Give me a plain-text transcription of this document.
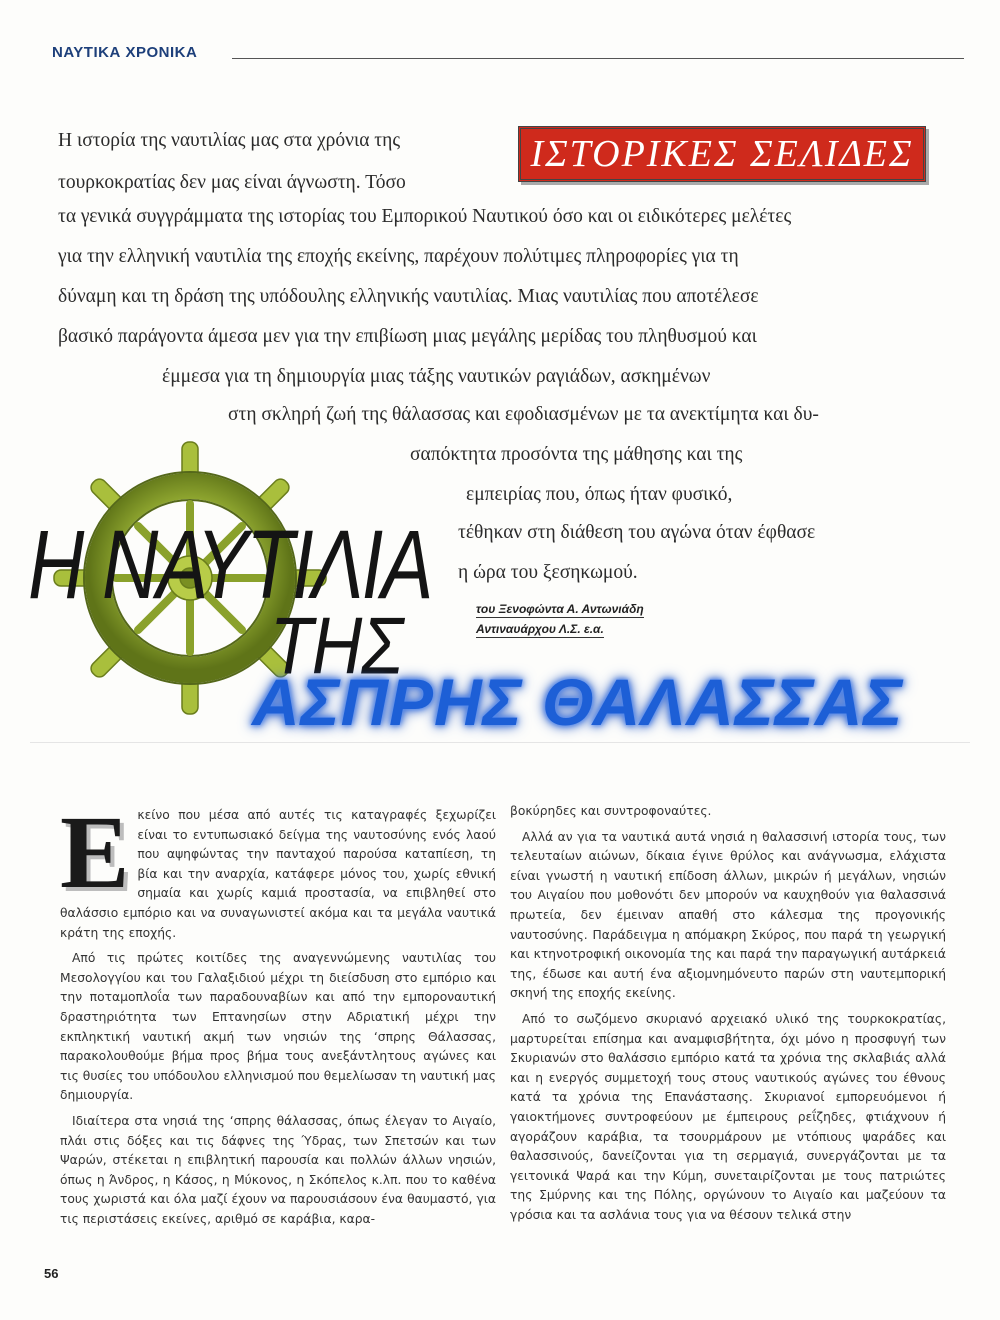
ΝΑΥΤΙΚΑ ΧΡΟΝΙΚΑ
ΙΣΤΟΡΙΚΕΣ ΣΕΛΙΔΕΣ
Η ιστορία της ναυτιλίας μας στα χρόνια της
τουρκοκρατίας δεν μας είναι άγνωστη. Τόσο
τα γενικά συγγράμματα της ιστορίας του Εμπορικού Ναυτικού όσο και οι ειδικότερες μελέτες
για την ελληνική ναυτιλία της εποχής εκείνης, παρέχουν πολύτιμες πληροφορίες για τη
δύναμη και τη δράση της υπόδουλης ελληνικής ναυτιλίας. Μιας ναυτιλίας που αποτέλεσε
βασικό παράγοντα άμεσα μεν για την επιβίωση μιας μεγάλης μερίδας του πληθυσμού και
έμμεσα για τη δημιουργία μιας τάξης ναυτικών ραγιάδων, ασκημένων
στη σκληρή ζωή της θάλασσας και εφοδιασμένων με τα ανεκτίμητα και δυ-
σαπόκτητα προσόντα της μάθησης και της
εμπειρίας που, όπως ήταν φυσικό,
τέθηκαν στη διάθεση του αγώνα όταν έφθασε
η ώρα του ξεσηκωμού.
του Ξενοφώντα Α. Αντωνιάδη
Αντιναυάρχου Λ.Σ. ε.α.
Η ΝΑΥΤΙΛΙΑ
ΤΗΣ
ΑΣΠΡΗΣ ΘΑΛΑΣΣΑΣ

Εκείνο που μέσα από αυτές τις καταγραφές ξεχωρίζει είναι το εντυπωσιακό δείγμα της ναυτοσύνης ενός λαού που αψηφώντας την πανταχού παρούσα καταπίεση, τη βία και την αναρχία, κατάφερε μόνος του, χωρίς εθνική σημαία και χωρίς καμιά προστασία, να επιβληθεί στο θαλάσσιο εμπόριο και να συναγωνιστεί ακόμα και τα μεγάλα ναυτικά κράτη της εποχής.

Από τις πρώτες κοιτίδες της αναγεννώμενης ναυτιλίας του Μεσολογγίου και του Γαλαξιδιού μέχρι τη διείσδυση στο εμπόριο και την ποταμοπλοΐα των παραδουναβίων και από την εμποροναυτική δραστηριότητα των Επτανησίων στην Αδριατική μέχρι την εκπληκτική ναυτική ακμή των νησιών της ‘σπρης Θάλασσας, παρακολουθούμε βήμα προς βήμα τους ανεξάντλητους αγώνες και τις θυσίες του υπόδουλου ελληνισμού που θεμελίωσαν τη ναυτική μας δημιουργία.

Ιδιαίτερα στα νησιά της ‘σπρης θάλασσας, όπως έλεγαν το Αιγαίο, πλάι στις δόξες και τις δάφνες της Ύδρας, των Σπετσών και των Ψαρών, στέκεται η επιβλητική παρουσία και πολλών άλλων νησιών, όπως η Άνδρος, η Κάσος, η Μύκονος, η Σκόπελος κ.λπ. που το καθένα τους χωριστά και όλα μαζί έχουν να παρουσιάσουν ένα θαυμαστό, για τις περιστάσεις εκείνες, αριθμό σε καράβια, καρα-

βοκύρηδες και συντροφοναύτες.

Αλλά αν για τα ναυτικά αυτά νησιά η θαλασσινή ιστορία τους, των τελευταίων αιώνων, δίκαια έγινε θρύλος και ανάγνωσμα, ελάχιστα είναι γνωστή η ναυτική επίδοση άλλων, μικρών ή μεγάλων, νησιών του Αιγαίου που μοθονότι δεν μπορούν να καυχηθούν για θαλασσινά πρωτεία, δεν έμειναν απαθή στο κάλεσμα της προγονικής ναυτοσύνης. Παράδειγμα η απόμακρη Σκύρος, που παρά τη γεωργική και κτηνοτροφική οικονομία της και παρά την παραγωγική αυτάρκειά της, έδωσε και αυτή ένα αξιομνημόνευτο παρών στη ναυτεμπορική σκηνή της εποχής εκείνης.

Από το σωζόμενο σκυριανό αρχειακό υλικό της τουρκοκρατίας, μαρτυρείται επίσημα και αναμφισβήτητα, όχι μόνο η προσφυγή των Σκυριανών στο θαλάσσιο εμπόριο κατά τα χρόνια της σκλαβιάς αλλά και η ενεργός συμμετοχή τους στους ναυτικούς αγώνες του έθνους κατά τα χρόνια της Επανάστασης. Σκυριανοί εμπορευόμενοι ή γαιοκτήμονες συντροφεύουν με έμπειρους ρεΐζηδες, φτιάχνουν ή αγοράζουν καράβια, τα τσουρμάρουν με ντόπιους ψαράδες και θαλασσινούς, δανείζονται για τη σερμαγιά, συνεργάζονται με τα γειτονικά Ψαρά και την Κύμη, συνεταιρίζονται με τους πατριώτες της Σμύρνης και της Πόλης, οργώνουν το Αιγαίο και μαζεύουν τα γρόσια και τα ασλάνια τους για να θέσουν τελικά στην

56
